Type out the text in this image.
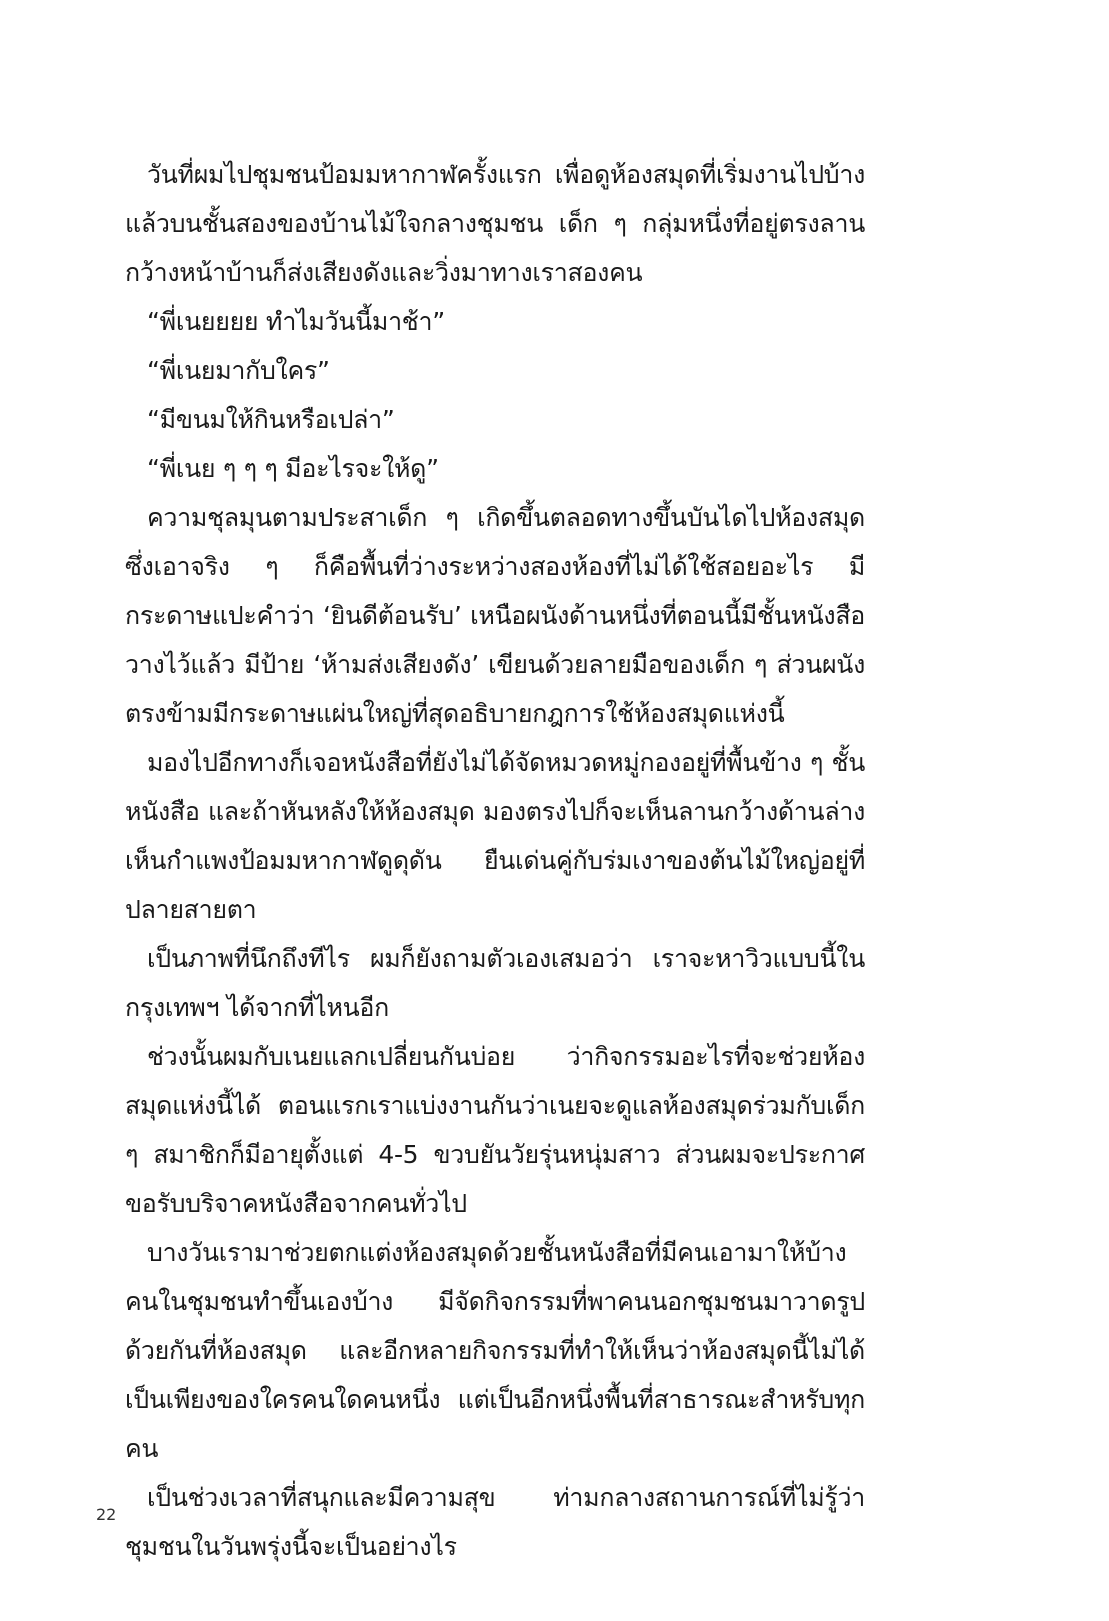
วันที่ผมไปชุมชนป้อมมหากาฬครั้งแรก เพื่อดูห้องสมุดที่เริ่มงานไปบ้าง แล้วบนชั้นสองของบ้านไม้ใจกลางชุมชน เด็ก ๆ กลุ่มหนึ่งที่อยู่ตรงลานกว้างหน้าบ้านก็ส่งเสียงดังและวิ่งมาทางเราสองคน

“พี่เนยยยย ทำไมวันนี้มาช้า”

“พี่เนยมากับใคร”

“มีขนมให้กินหรือเปล่า”

“พี่เนย ๆ ๆ ๆ มีอะไรจะให้ดู”

ความชุลมุนตามประสาเด็ก ๆ เกิดขึ้นตลอดทางขึ้นบันไดไปห้องสมุด ซึ่งเอาจริง ๆ ก็คือพื้นที่ว่างระหว่างสองห้องที่ไม่ได้ใช้สอยอะไร มีกระดาษแปะคำว่า ‘ยินดีต้อนรับ’ เหนือผนังด้านหนึ่งที่ตอนนี้มีชั้นหนังสือวางไว้แล้ว มีป้าย ‘ห้ามส่งเสียงดัง’ เขียนด้วยลายมือของเด็ก ๆ ส่วนผนังตรงข้ามมีกระดาษแผ่นใหญ่ที่สุดอธิบายกฎการใช้ห้องสมุดแห่งนี้

มองไปอีกทางก็เจอหนังสือที่ยังไม่ได้จัดหมวดหมู่กองอยู่ที่พื้นข้าง ๆ ชั้นหนังสือ และถ้าหันหลังให้ห้องสมุด มองตรงไปก็จะเห็นลานกว้างด้านล่าง เห็นกำแพงป้อมมหากาฬดูดุดัน ยืนเด่นคู่กับร่มเงาของต้นไม้ใหญ่อยู่ที่ปลายสายตา

เป็นภาพที่นึกถึงทีไร ผมก็ยังถามตัวเองเสมอว่า เราจะหาวิวแบบนี้ในกรุงเทพฯ ได้จากที่ไหนอีก

ช่วงนั้นผมกับเนยแลกเปลี่ยนกันบ่อย ว่ากิจกรรมอะไรที่จะช่วยห้องสมุดแห่งนี้ได้ ตอนแรกเราแบ่งงานกันว่าเนยจะดูแลห้องสมุดร่วมกับเด็ก ๆ สมาชิกก็มีอายุตั้งแต่ 4-5 ขวบยันวัยรุ่นหนุ่มสาว ส่วนผมจะประกาศขอรับบริจาคหนังสือจากคนทั่วไป

บางวันเรามาช่วยตกแต่งห้องสมุดด้วยชั้นหนังสือที่มีคนเอามาให้บ้าง คนในชุมชนทำขึ้นเองบ้าง มีจัดกิจกรรมที่พาคนนอกชุมชนมาวาดรูปด้วยกันที่ห้องสมุด และอีกหลายกิจกรรมที่ทำให้เห็นว่าห้องสมุดนี้ไม่ได้เป็นเพียงของใครคนใดคนหนึ่ง แต่เป็นอีกหนึ่งพื้นที่สาธารณะสำหรับทุกคน

เป็นช่วงเวลาที่สนุกและมีความสุข ท่ามกลางสถานการณ์ที่ไม่รู้ว่าชุมชนในวันพรุ่งนี้จะเป็นอย่างไร

22
